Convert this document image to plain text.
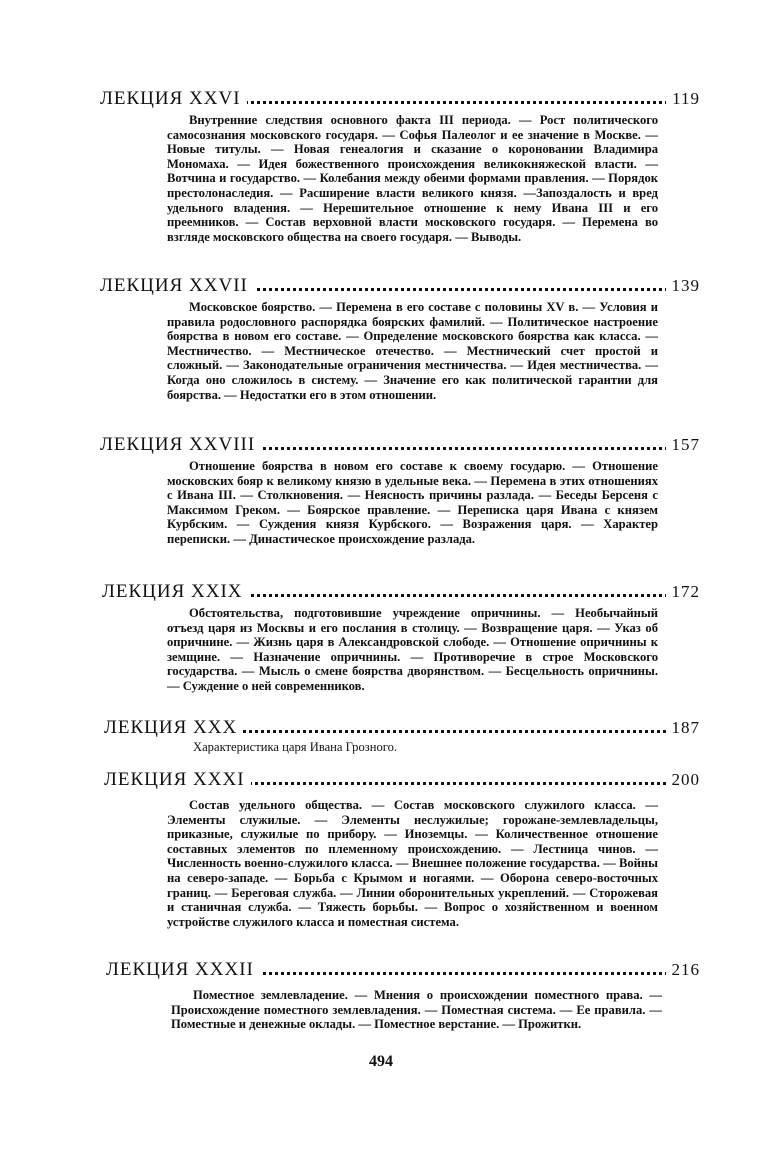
ЛЕКЦИЯ XXVI	119
Внутренние следствия основного факта III периода. — Рост политического самосознания московского государя. — Софья Палеолог и ее значение в Москве. — Новые титулы. — Новая генеалогия и сказание о короновании Владимира Мономаха. — Идея божественного происхождения великокняжеской власти. — Вотчина и государство. — Колебания между обеими формами правления. — Порядок престолонаследия. — Расширение власти великого князя. —Запоздалость и вред удельного владения. — Нерешительное отношение к нему Ивана III и его преемников. — Состав верховной власти московского государя. — Перемена во взгляде московского общества на своего государя. — Выводы.
ЛЕКЦИЯ XXVII	139
Московское боярство. — Перемена в его составе с половины XV в. — Условия и правила родословного распорядка боярских фамилий. — Политическое настроение боярства в новом его составе. — Определение московского боярства как класса. — Местничество. — Местническое отечество. — Местнический счет простой и сложный. — Законодательные ограничения местничества. — Идея местничества. — Когда оно сложилось в систему. — Значение его как политической гарантии для боярства. — Недостатки его в этом отношении.
ЛЕКЦИЯ XXVIII	157
Отношение боярства в новом его составе к своему государю. — Отношение московских бояр к великому князю в удельные века. — Перемена в этих отношениях с Ивана III. — Столкновения. — Неясность причины разлада. — Беседы Берсеня с Максимом Греком. — Боярское правление. — Переписка царя Ивана с князем Курбским. — Суждения князя Курбского. — Возражения царя. — Характер переписки. — Династическое происхождение разлада.
ЛЕКЦИЯ XXIX	172
Обстоятельства, подготовившие учреждение опричнины. — Необычайный отъезд царя из Москвы и его послания в столицу. — Возвращение царя. — Указ об опричнине. — Жизнь царя в Александровской слободе. — Отношение опричнины к земщине. — Назначение опричнины. — Противоречие в строе Московского государства. — Мысль о смене боярства дворянством. — Бесцельность опричнины. — Суждение о ней современников.
ЛЕКЦИЯ XXX	187
Характеристика царя Ивана Грозного.
ЛЕКЦИЯ XXXI	200
Состав удельного общества. — Состав московского служилого класса. — Элементы служилые. — Элементы неслужилые; горожане-землевладельцы, приказные, служилые по прибору. — Иноземцы. — Количественное отношение составных элементов по племенному происхождению. — Лестница чинов. — Численность военно-служилого класса. — Внешнее положение государства. — Войны на северо-западе. — Борьба с Крымом и ногаями. — Оборона северо-восточных границ. — Береговая служба. — Линии оборонительных укреплений. — Сторожевая и станичная служба. — Тяжесть борьбы. — Вопрос о хозяйственном и военном устройстве служилого класса и поместная система.
ЛЕКЦИЯ XXXII	216
Поместное землевладение. — Мнения о происхождении поместного права. — Происхождение поместного землевладения. — Поместная система. — Ее правила. — Поместные и денежные оклады. — Поместное верстание. — Прожиткн.
494
